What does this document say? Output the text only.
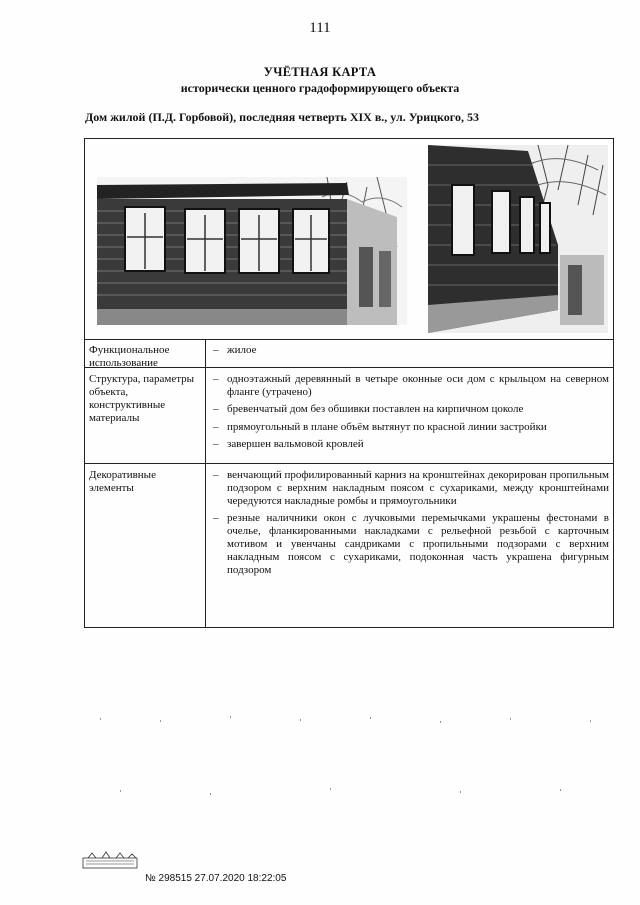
111
УЧЁТНАЯ КАРТА
исторически ценного градоформирующего объекта
Дом жилой (П.Д. Горбовой), последняя четверть XIX в., ул. Урицкого, 53
Функциональное использование
– жилое
Структура, параметры объекта, конструктивные материалы
– одноэтажный деревянный в четыре оконные оси дом с крыльцом на северном фланге (утрачено)
– бревенчатый дом без обшивки поставлен на кирпичном цоколе
– прямоугольный в плане объём вытянут по красной линии застройки
– завершен вальмовой кровлей
Декоративные элементы
– венчающий профилированный карниз на кронштейнах декорирован пропильным подзором с верхним накладным поясом с сухариками, между кронштейнами чередуются накладные ромбы и прямоугольники
– резные наличники окон с лучковыми перемычками украшены фестонами в очелье, фланкированными накладками с рельефной резьбой с карточным мотивом и увенчаны сандриками с пропильными подзорами с верхним накладным поясом с сухариками, подоконная часть украшена фигурным подзором
№ 298515 27.07.2020 18:22:05
